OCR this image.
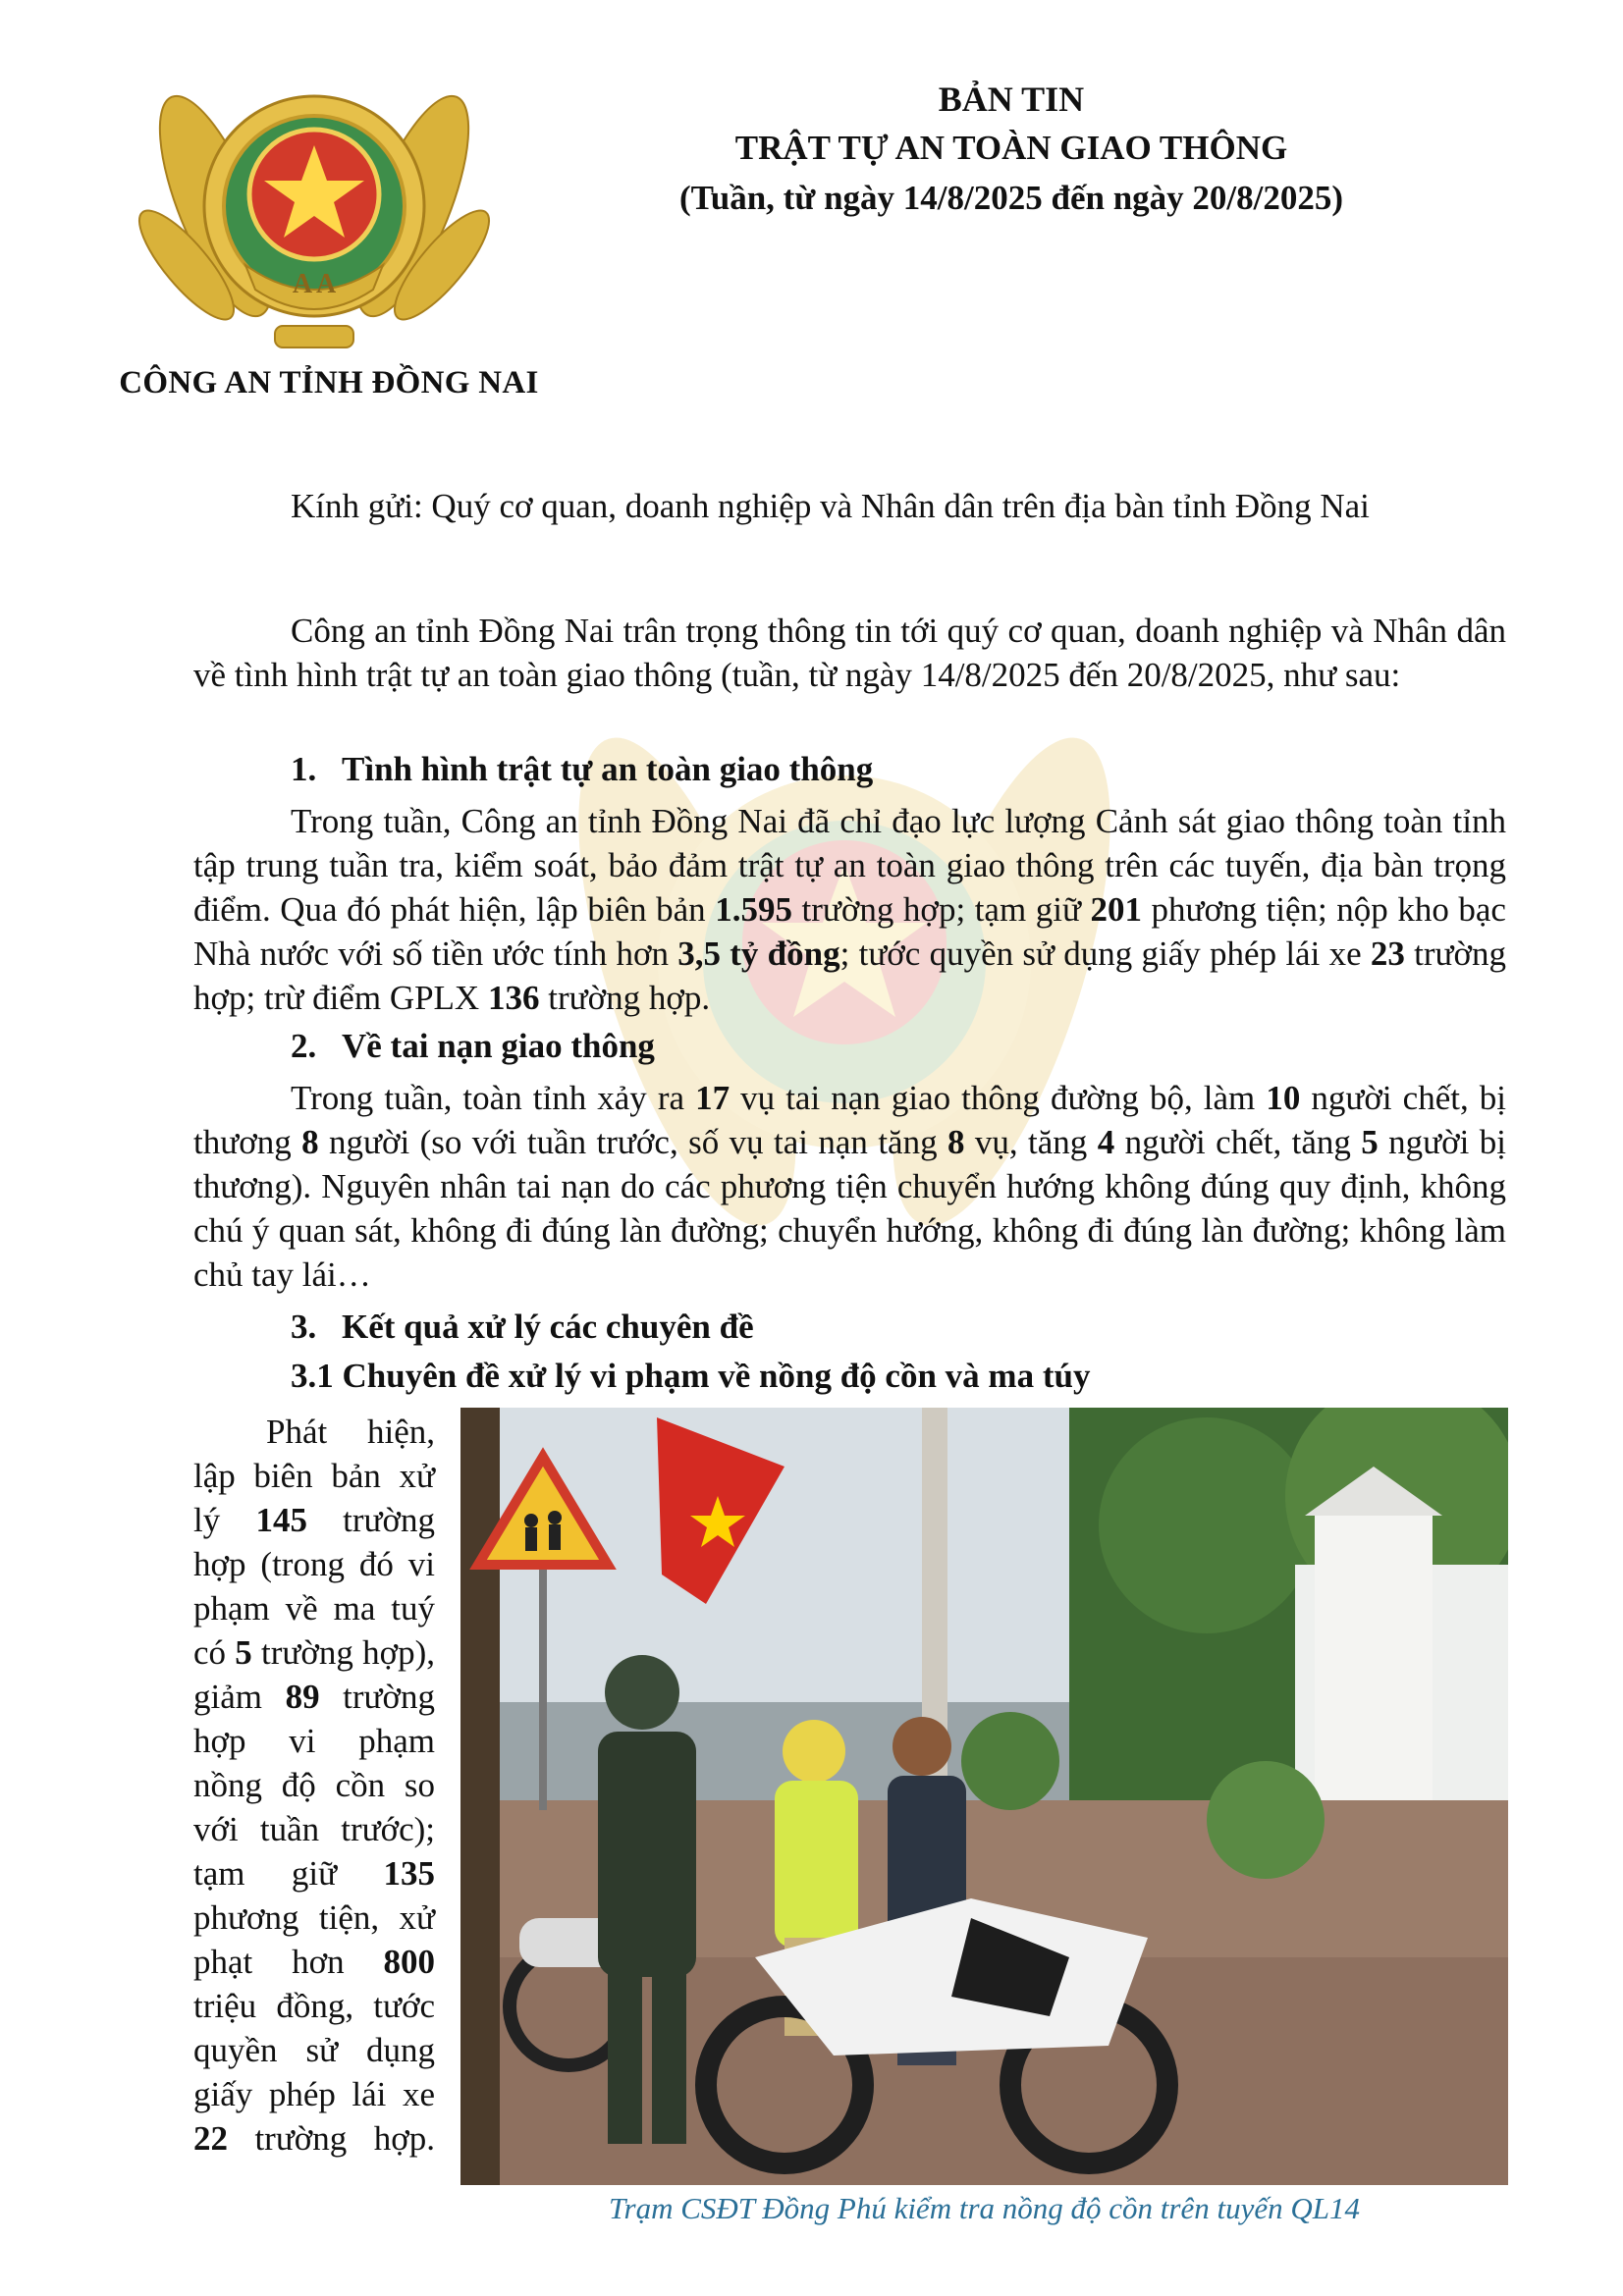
A A
CÔNG AN TỈNH ĐỒNG NAI
BẢN TIN
TRẬT TỰ AN TOÀN GIAO THÔNG
(Tuần, từ ngày 14/8/2025 đến ngày 20/8/2025)
Kính gửi: Quý cơ quan, doanh nghiệp và Nhân dân trên địa bàn tỉnh Đồng Nai
Công an tỉnh Đồng Nai trân trọng thông tin tới quý cơ quan, doanh nghiệp và Nhân dân về tình hình trật tự an toàn giao thông (tuần, từ ngày 14/8/2025 đến 20/8/2025, như sau:
1. Tình hình trật tự an toàn giao thông
Trong tuần, Công an tỉnh Đồng Nai đã chỉ đạo lực lượng Cảnh sát giao thông toàn tỉnh tập trung tuần tra, kiểm soát, bảo đảm trật tự an toàn giao thông trên các tuyến, địa bàn trọng điểm. Qua đó phát hiện, lập biên bản 1.595 trường hợp; tạm giữ 201 phương tiện; nộp kho bạc Nhà nước với số tiền ước tính hơn 3,5 tỷ đồng; tước quyền sử dụng giấy phép lái xe 23 trường hợp; trừ điểm GPLX 136 trường hợp.
2. Về tai nạn giao thông
Trong tuần, toàn tỉnh xảy ra 17 vụ tai nạn giao thông đường bộ, làm 10 người chết, bị thương 8 người (so với tuần trước, số vụ tai nạn tăng 8 vụ, tăng 4 người chết, tăng 5 người bị thương). Nguyên nhân tai nạn do các phương tiện chuyển hướng không đúng quy định, không chú ý quan sát, không đi đúng làn đường; chuyển hướng, không đi đúng làn đường; không làm chủ tay lái…
3. Kết quả xử lý các chuyên đề
3.1 Chuyên đề xử lý vi phạm về nồng độ cồn và ma túy
Phát hiện, lập biên bản xử lý 145 trường hợp (trong đó vi phạm về ma tuý có 5 trường hợp), giảm 89 trường hợp vi phạm nồng độ cồn so với tuần trước); tạm giữ 135 phương tiện, xử phạt hơn 800 triệu đồng, tước quyền sử dụng giấy phép lái xe 22 trường hợp.
Trạm CSĐT Đồng Phú kiểm tra nồng độ cồn trên tuyến QL14
